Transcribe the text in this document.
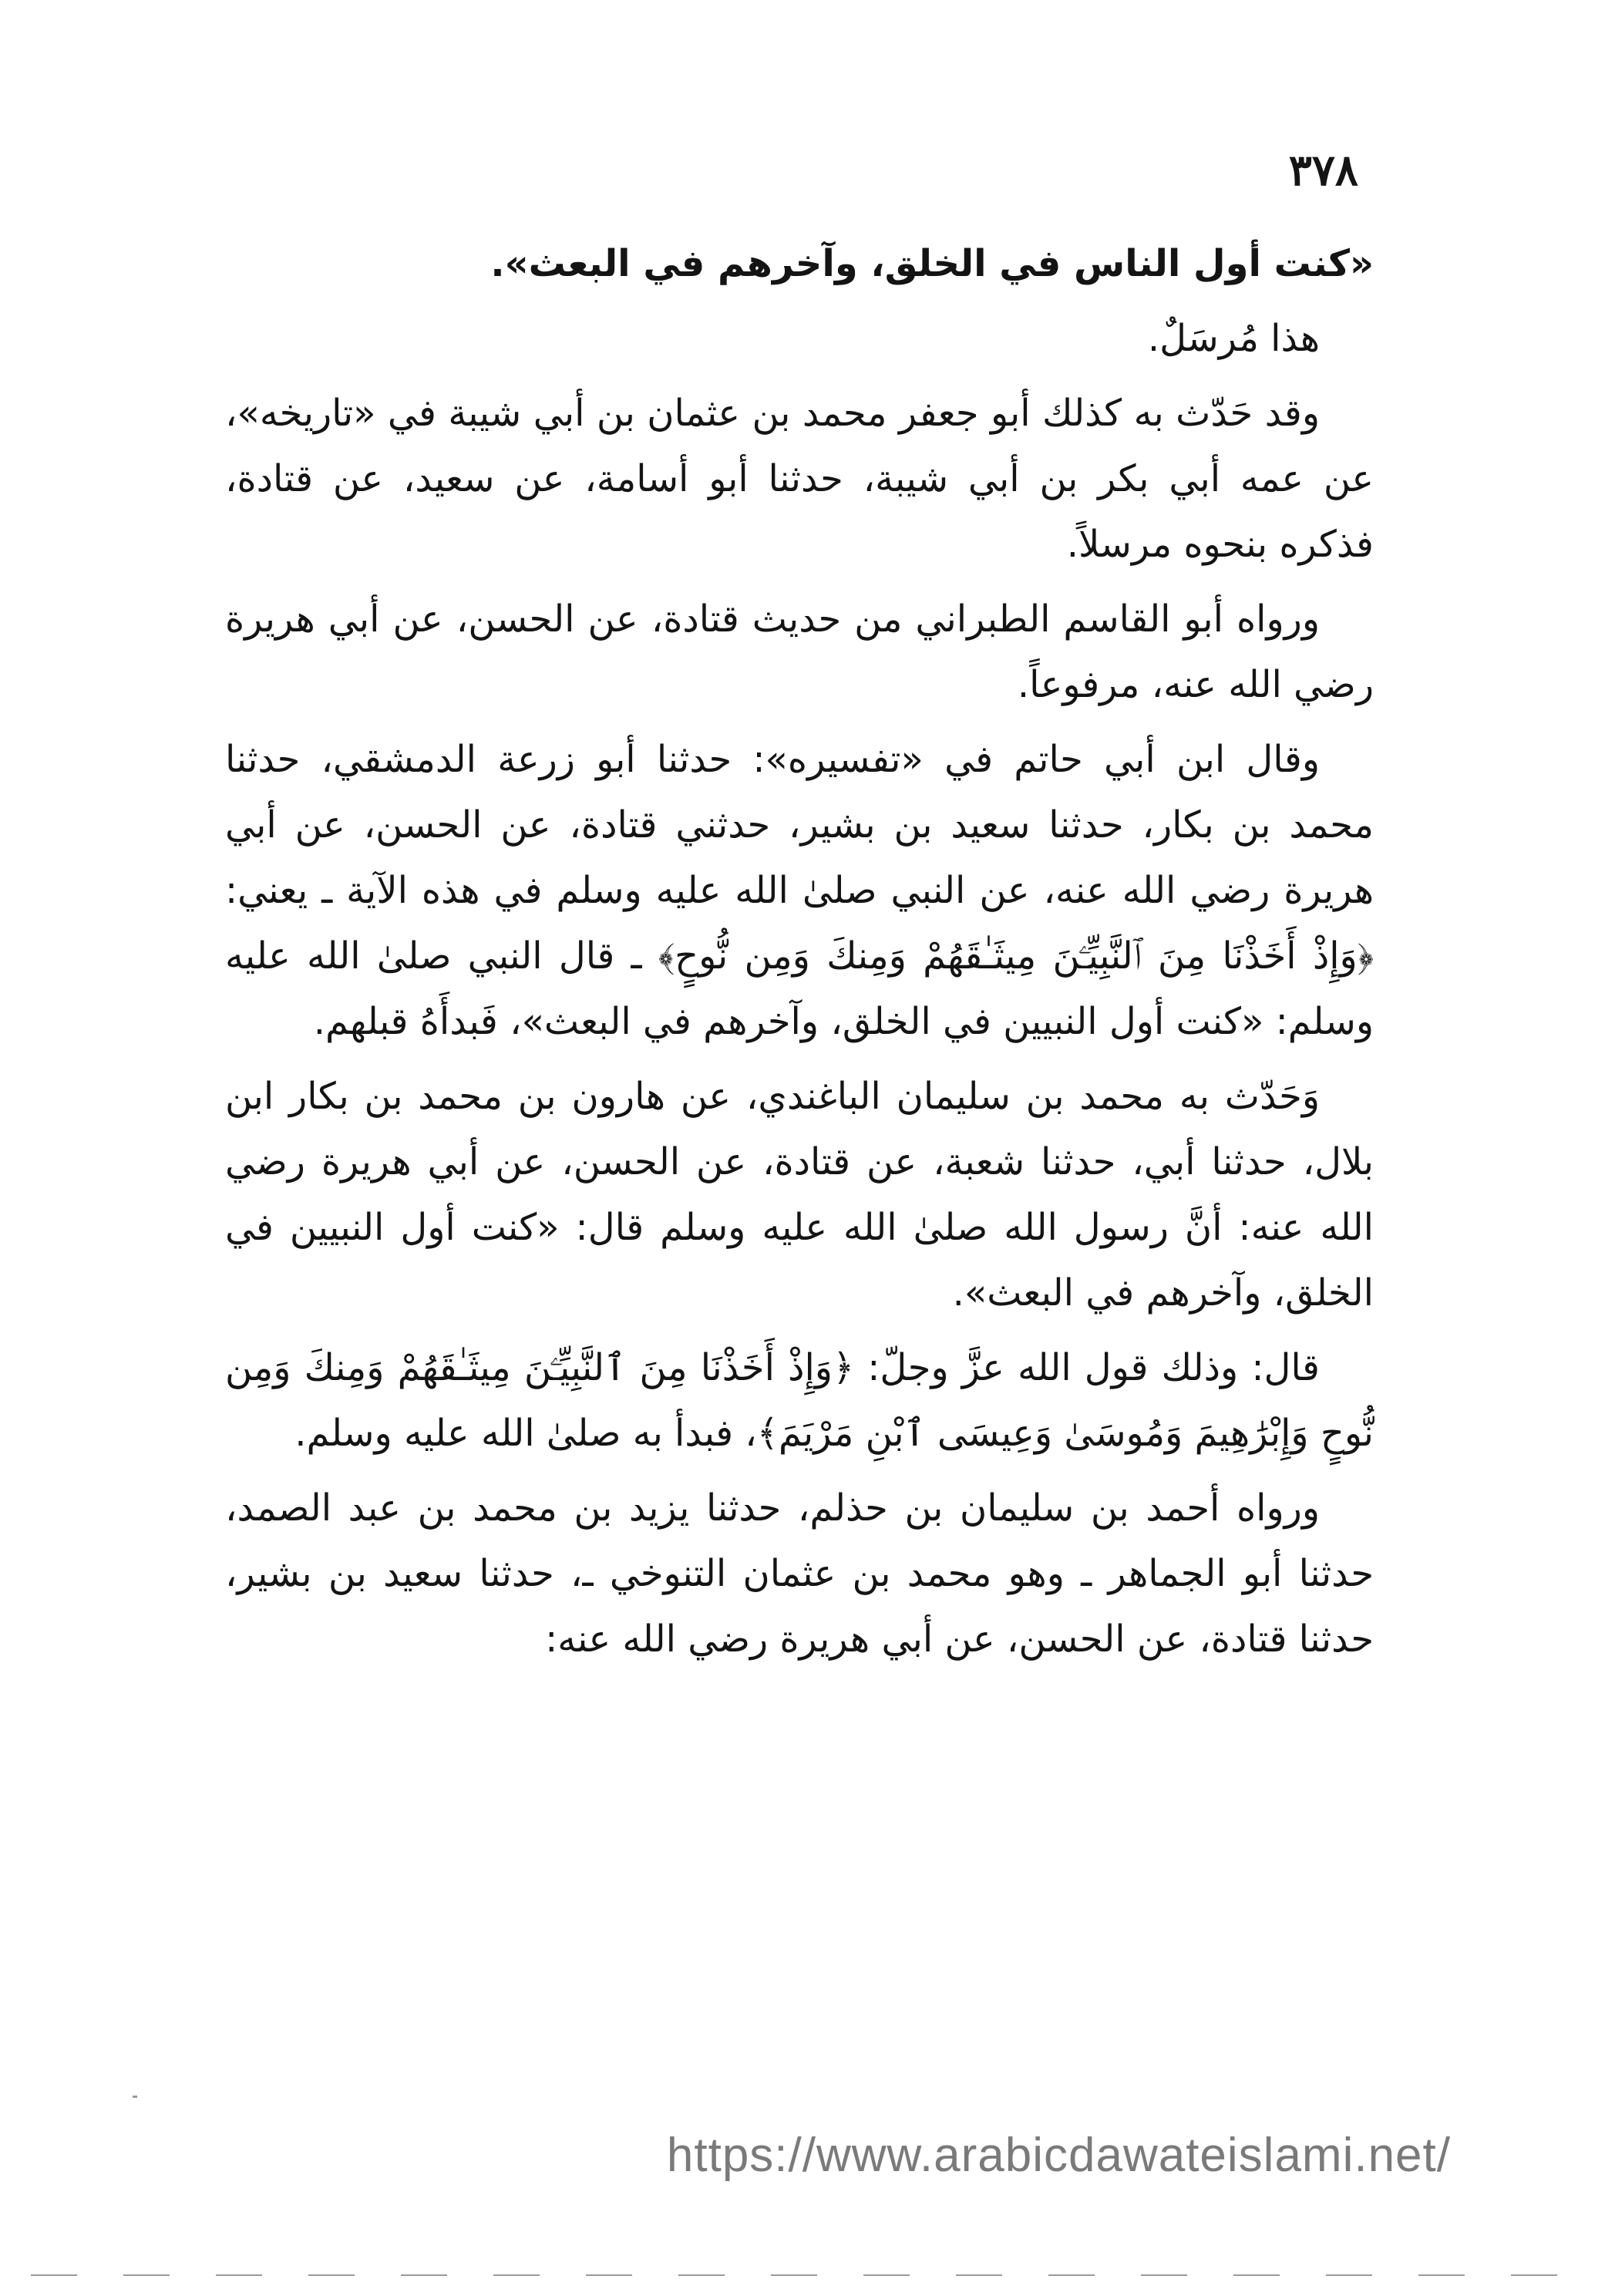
٣٧٨

«كنت أول الناس في الخلق، وآخرهم في البعث».

هذا مُرسَلٌ.

وقد حَدّث به كذلك أبو جعفر محمد بن عثمان بن أبي شيبة في «تاريخه»، عن عمه أبي بكر بن أبي شيبة، حدثنا أبو أسامة، عن سعيد، عن قتادة، فذكره بنحوه مرسلاً.

ورواه أبو القاسم الطبراني من حديث قتادة، عن الحسن، عن أبي هريرة رضي الله عنه، مرفوعاً.

وقال ابن أبي حاتم في «تفسيره»: حدثنا أبو زرعة الدمشقي، حدثنا محمد بن بكار، حدثنا سعيد بن بشير، حدثني قتادة، عن الحسن، عن أبي هريرة رضي الله عنه، عن النبي صلىٰ الله عليه وسلم في هذه الآية ـ يعني: ﴿وَإِذْ أَخَذْنَا مِنَ ٱلنَّبِيِّـۧنَ مِيثَـٰقَهُمْ وَمِنكَ وَمِن نُّوحٍ﴾ ـ قال النبي صلىٰ الله عليه وسلم: «كنت أول النبيين في الخلق، وآخرهم في البعث»، فَبدأَهُ قبلهم.

وَحَدّث به محمد بن سليمان الباغندي، عن هارون بن محمد بن بكار ابن بلال، حدثنا أبي، حدثنا شعبة، عن قتادة، عن الحسن، عن أبي هريرة رضي الله عنه: أنَّ رسول الله صلىٰ الله عليه وسلم قال: «كنت أول النبيين في الخلق، وآخرهم في البعث».

قال: وذلك قول الله عزَّ وجلّ: ﴿وَإِذْ أَخَذْنَا مِنَ ٱلنَّبِيِّـۧنَ مِيثَـٰقَهُمْ وَمِنكَ وَمِن نُّوحٍ وَإِبْرَٰهِيمَ وَمُوسَىٰ وَعِيسَى ٱبْنِ مَرْيَمَ﴾، فبدأ به صلىٰ الله عليه وسلم.

ورواه أحمد بن سليمان بن حذلم، حدثنا يزيد بن محمد بن عبد الصمد، حدثنا أبو الجماهر ـ وهو محمد بن عثمان التنوخي ـ، حدثنا سعيد بن بشير، حدثنا قتادة، عن الحسن، عن أبي هريرة رضي الله عنه:

https://www.arabicdawateislami.net/
